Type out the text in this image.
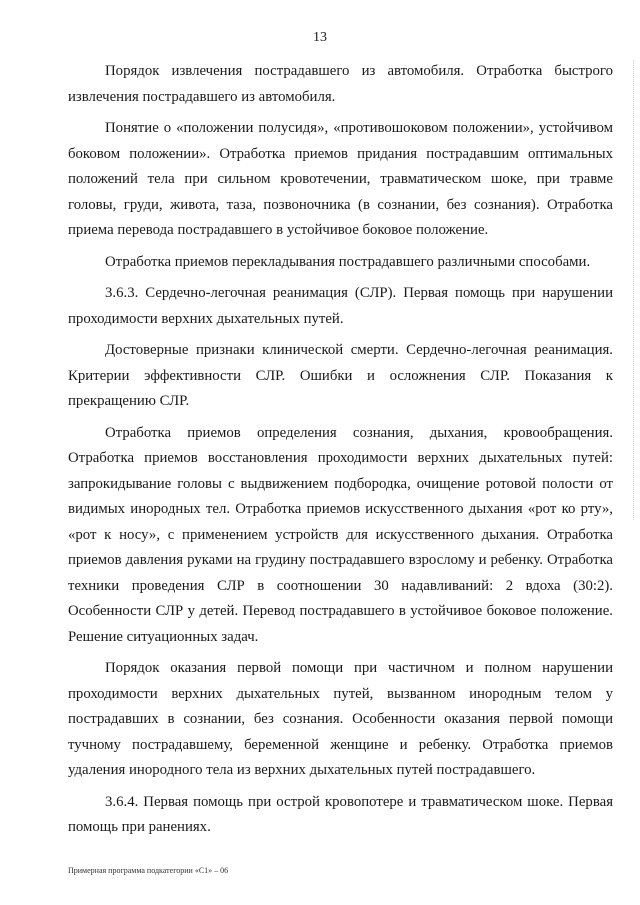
13

Порядок извлечения пострадавшего из автомобиля. Отработка быстрого извлечения пострадавшего из автомобиля.

Понятие о «положении полусидя», «противошоковом положении», устойчивом боковом положении». Отработка приемов придания пострадавшим оптимальных положений тела при сильном кровотечении, травматическом шоке, при травме головы, груди, живота, таза, позвоночника (в сознании, без сознания). Отработка приема перевода пострадавшего в устойчивое боковое положение.

Отработка приемов перекладывания пострадавшего различными способами.

3.6.3. Сердечно-легочная реанимация (СЛР). Первая помощь при нарушении проходимости верхних дыхательных путей.

Достоверные признаки клинической смерти. Сердечно-легочная реанимация. Критерии эффективности СЛР. Ошибки и осложнения СЛР. Показания к прекращению СЛР.

Отработка приемов определения сознания, дыхания, кровообращения. Отработка приемов восстановления проходимости верхних дыхательных путей: запрокидывание головы с выдвижением подбородка, очищение ротовой полости от видимых инородных тел. Отработка приемов искусственного дыхания «рот ко рту», «рот к носу», с применением устройств для искусственного дыхания. Отработка приемов давления руками на грудину пострадавшего взрослому и ребенку. Отработка техники проведения СЛР в соотношении 30 надавливаний: 2 вдоха (30:2). Особенности СЛР у детей. Перевод пострадавшего в устойчивое боковое положение. Решение ситуационных задач.

Порядок оказания первой помощи при частичном и полном нарушении проходимости верхних дыхательных путей, вызванном инородным телом у пострадавших в сознании, без сознания. Особенности оказания первой помощи тучному пострадавшему, беременной женщине и ребенку. Отработка приемов удаления инородного тела из верхних дыхательных путей пострадавшего.

3.6.4. Первая помощь при острой кровопотере и травматическом шоке. Первая помощь при ранениях.

Примерная программа подкатегории «С1» – 06
